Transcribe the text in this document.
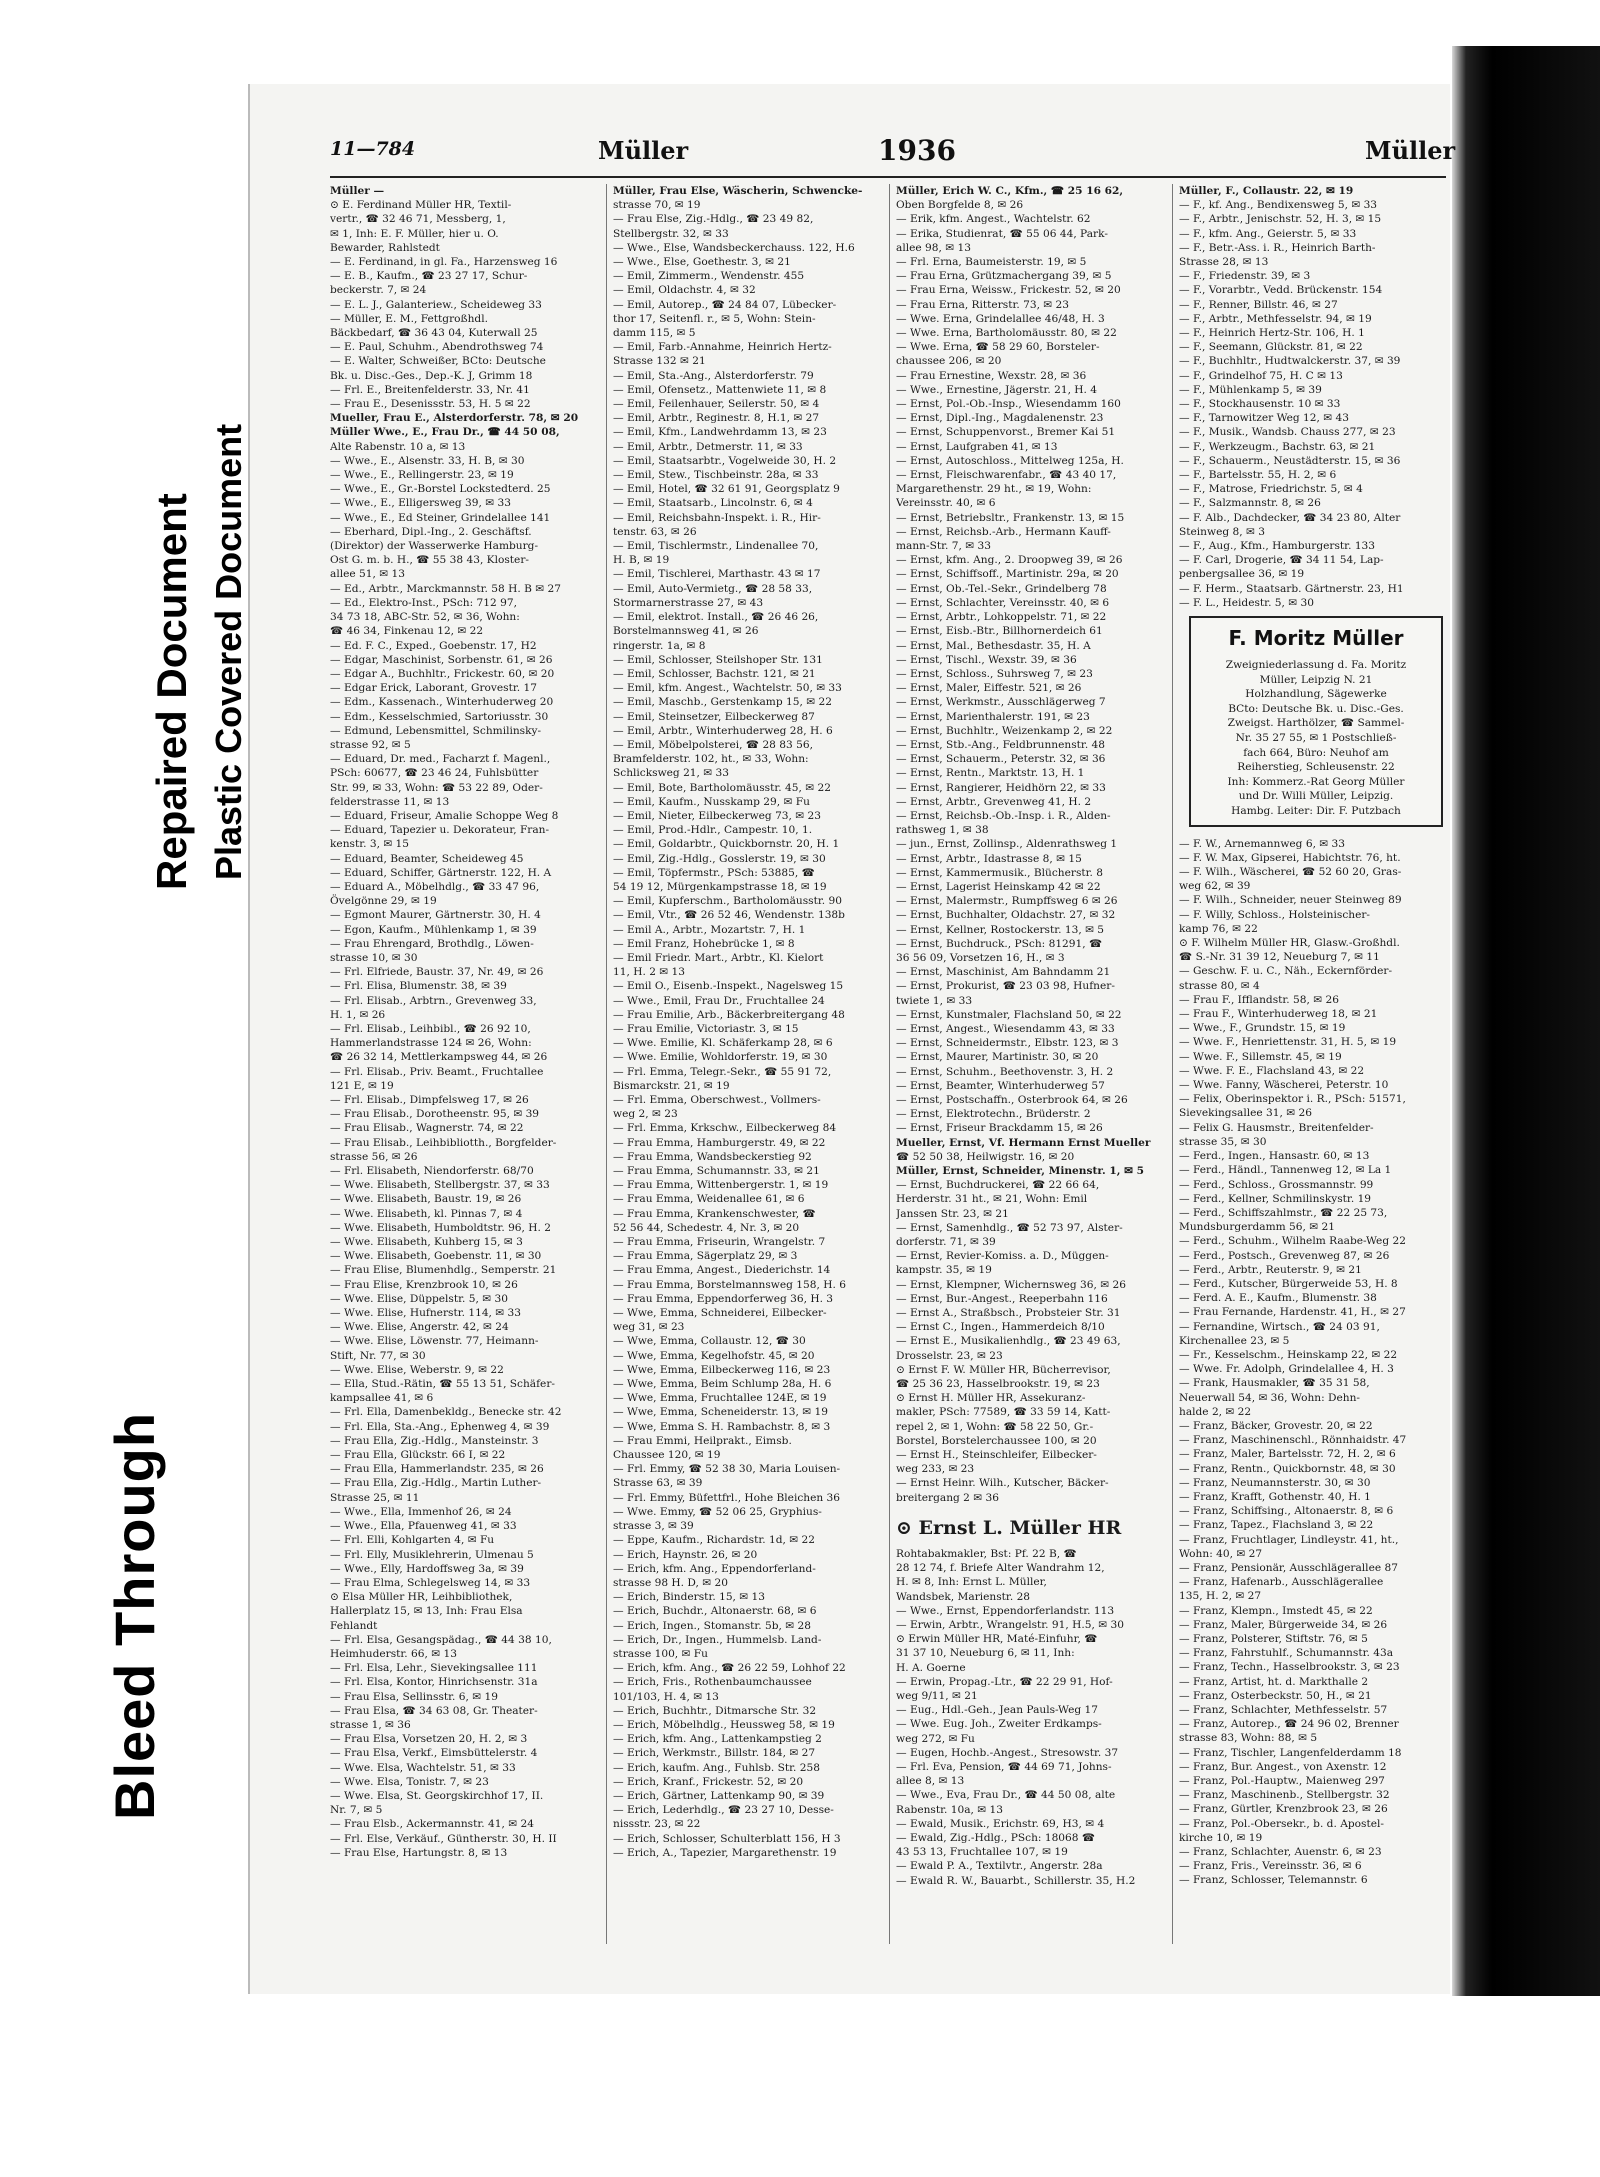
Bleed Through
Repaired Document Plastic Covered Document
11—784	Müller	1936	Müller
Müller —
⊙ E. Ferdinand Müller HR, Textil-
vertr., ☎ 32 46 71, Messberg, 1,
✉ 1, Inh: E. F. Müller, hier u. O.
Bewarder, Rahlstedt
— E. Ferdinand, in gl. Fa., Harzensweg 16
— E. B., Kaufm., ☎ 23 27 17, Schur-
beckerstr. 7, ✉ 24
— E. L. J., Galanteriew., Scheideweg 33
— Müller, E. M., Fettgroßhdl.
Bäckbedarf, ☎ 36 43 04, Kuterwall 25
— E. Paul, Schuhm., Abendrothsweg 74
— E. Walter, Schweißer, BCto: Deutsche
Bk. u. Disc.-Ges., Dep.-K. J, Grimm 18
— Frl. E., Breitenfelderstr. 33, Nr. 41
— Frau E., Desenissstr. 53, H. 5 ✉ 22
Mueller, Frau E., Alsterdorferstr. 78, ✉ 20
Müller Wwe., E., Frau Dr., ☎ 44 50 08,
Alte Rabenstr. 10 a, ✉ 13
— Wwe., E., Alsenstr. 33, H. B, ✉ 30
— Wwe., E., Rellingerstr. 23, ✉ 19
— Wwe., E., Gr.-Borstel Lockstedterd. 25
— Wwe., E., Elligersweg 39, ✉ 33
— Wwe., E., Ed Steiner, Grindelallee 141
— Eberhard, Dipl.-Ing., 2. Geschäftsf.
(Direktor) der Wasserwerke Hamburg-
Ost G. m. b. H., ☎ 55 38 43, Kloster-
allee 51, ✉ 13
— Ed., Arbtr., Marckmannstr. 58 H. B ✉ 27
— Ed., Elektro-Inst., PSch: 712 97,
34 73 18, ABC-Str. 52, ✉ 36, Wohn:
☎ 46 34, Finkenau 12, ✉ 22
— Ed. F. C., Exped., Goebenstr. 17, H2
— Edgar, Maschinist, Sorbenstr. 61, ✉ 26
— Edgar A., Buchhltr., Frickestr. 60, ✉ 20
— Edgar Erick, Laborant, Grovestr. 17
— Edm., Kassenach., Winterhuderweg 20
— Edm., Kesselschmied, Sartoriusstr. 30
— Edmund, Lebensmittel, Schmilinsky-
strasse 92, ✉ 5
— Eduard, Dr. med., Facharzt f. Magenl.,
PSch: 60677, ☎ 23 46 24, Fuhlsbütter
Str. 99, ✉ 33, Wohn: ☎ 53 22 89, Oder-
felderstrasse 11, ✉ 13
— Eduard, Friseur, Amalie Schoppe Weg 8
— Eduard, Tapezier u. Dekorateur, Fran-
kenstr. 3, ✉ 15
— Eduard, Beamter, Scheideweg 45
— Eduard, Schiffer, Gärtnerstr. 122, H. A
— Eduard A., Möbelhdlg., ☎ 33 47 96,
Övelgönne 29, ✉ 19
— Egmont Maurer, Gärtnerstr. 30, H. 4
— Egon, Kaufm., Mühlenkamp 1, ✉ 39
— Frau Ehrengard, Brothdlg., Löwen-
strasse 10, ✉ 30
— Frl. Elfriede, Baustr. 37, Nr. 49, ✉ 26
— Frl. Elisa, Blumenstr. 38, ✉ 39
— Frl. Elisab., Arbtrn., Grevenweg 33,
H. 1, ✉ 26
— Frl. Elisab., Leihbibl., ☎ 26 92 10,
Hammerlandstrasse 124 ✉ 26, Wohn:
☎ 26 32 14, Mettlerkampsweg 44, ✉ 26
— Frl. Elisab., Priv. Beamt., Fruchtallee
121 E, ✉ 19
— Frl. Elisab., Dimpfelsweg 17, ✉ 26
— Frau Elisab., Dorotheenstr. 95, ✉ 39
— Frau Elisab., Wagnerstr. 74, ✉ 22
— Frau Elisab., Leihbibliotth., Borgfelder-
strasse 56, ✉ 26
— Frl. Elisabeth, Niendorferstr. 68/70
— Wwe. Elisabeth, Stellbergstr. 37, ✉ 33
— Wwe. Elisabeth, Baustr. 19, ✉ 26
— Wwe. Elisabeth, kl. Pinnas 7, ✉ 4
— Wwe. Elisabeth, Humboldtstr. 96, H. 2
— Wwe. Elisabeth, Kuhberg 15, ✉ 3
— Wwe. Elisabeth, Goebenstr. 11, ✉ 30
— Frau Elise, Blumenhdlg., Semperstr. 21
— Frau Elise, Krenzbrook 10, ✉ 26
— Wwe. Elise, Düppelstr. 5, ✉ 30
— Wwe. Elise, Hufnerstr. 114, ✉ 33
— Wwe. Elise, Angerstr. 42, ✉ 24
— Wwe. Elise, Löwenstr. 77, Heimann-
Stift, Nr. 77, ✉ 30
— Wwe. Elise, Weberstr. 9, ✉ 22
— Ella, Stud.-Rätin, ☎ 55 13 51, Schäfer-
kampsallee 41, ✉ 6
— Frl. Ella, Damenbekldg., Benecke str. 42
— Frl. Ella, Sta.-Ang., Ephenweg 4, ✉ 39
— Frau Ella, Zig.-Hdlg., Mansteinstr. 3
— Frau Ella, Glückstr. 66 I, ✉ 22
— Frau Ella, Hammerlandstr. 235, ✉ 26
— Frau Ella, Zig.-Hdlg., Martin Luther-
Strasse 25, ✉ 11
— Wwe., Ella, Immenhof 26, ✉ 24
— Wwe., Ella, Pfauenweg 41, ✉ 33
— Frl. Elli, Kohlgarten 4, ✉ Fu
— Frl. Elly, Musiklehrerin, Ulmenau 5
— Wwe., Elly, Hardoffsweg 3a, ✉ 39
— Frau Elma, Schlegelsweg 14, ✉ 33
⊙ Elsa Müller HR, Leihbibliothek,
Hallerplatz 15, ✉ 13, Inh: Frau Elsa
Fehlandt
— Frl. Elsa, Gesangspädag., ☎ 44 38 10,
Heimhuderstr. 66, ✉ 13
— Frl. Elsa, Lehr., Sievekingsallee 111
— Frl. Elsa, Kontor, Hinrichsenstr. 31a
— Frau Elsa, Sellinsstr. 6, ✉ 19
— Frau Elsa, ☎ 34 63 08, Gr. Theater-
strasse 1, ✉ 36
— Frau Elsa, Vorsetzen 20, H. 2, ✉ 3
— Frau Elsa, Verkf., Eimsbüttelerstr. 4
— Wwe. Elsa, Wachtelstr. 51, ✉ 33
— Wwe. Elsa, Tonistr. 7, ✉ 23
— Wwe. Elsa, St. Georgskirchhof 17, II.
Nr. 7, ✉ 5
— Frau Elsb., Ackermannstr. 41, ✉ 24
— Frl. Else, Verkäuf., Güntherstr. 30, H. II
— Frau Else, Hartungstr. 8, ✉ 13
Müller, Frau Else, Wäscherin, Schwencke-
strasse 70, ✉ 19
— Frau Else, Zig.-Hdlg., ☎ 23 49 82,
Stellbergstr. 32, ✉ 33
— Wwe., Else, Wandsbeckerchauss. 122, H.6
— Wwe., Else, Goethestr. 3, ✉ 21
— Emil, Zimmerm., Wendenstr. 455
— Emil, Oldachstr. 4, ✉ 32
— Emil, Autorep., ☎ 24 84 07, Lübecker-
thor 17, Seitenfl. r., ✉ 5, Wohn: Stein-
damm 115, ✉ 5
— Emil, Farb.-Annahme, Heinrich Hertz-
Strasse 132 ✉ 21
— Emil, Sta.-Ang., Alsterdorferstr. 79
— Emil, Ofensetz., Mattenwiete 11, ✉ 8
— Emil, Feilenhauer, Seilerstr. 50, ✉ 4
— Emil, Arbtr., Reginestr. 8, H.1, ✉ 27
— Emil, Kfm., Landwehrdamm 13, ✉ 23
— Emil, Arbtr., Detmerstr. 11, ✉ 33
— Emil, Staatsarbtr., Vogelweide 30, H. 2
— Emil, Stew., Tischbeinstr. 28a, ✉ 33
— Emil, Hotel, ☎ 32 61 91, Georgsplatz 9
— Emil, Staatsarb., Lincolnstr. 6, ✉ 4
— Emil, Reichsbahn-Inspekt. i. R., Hir-
tenstr. 63, ✉ 26
— Emil, Tischlermstr., Lindenallee 70,
H. B, ✉ 19
— Emil, Tischlerei, Marthastr. 43 ✉ 17
— Emil, Auto-Vermietg., ☎ 28 58 33,
Stormarnerstrasse 27, ✉ 43
— Emil, elektrot. Install., ☎ 26 46 26,
Borstelmannsweg 41, ✉ 26
ringerstr. 1a, ✉ 8
— Emil, Schlosser, Steilshoper Str. 131
— Emil, Schlosser, Bachstr. 121, ✉ 21
— Emil, kfm. Angest., Wachtelstr. 50, ✉ 33
— Emil, Maschb., Gerstenkamp 15, ✉ 22
— Emil, Steinsetzer, Eilbeckerweg 87
— Emil, Arbtr., Winterhuderweg 28, H. 6
— Emil, Möbelpolsterei, ☎ 28 83 56,
Bramfelderstr. 102, ht., ✉ 33, Wohn:
Schlicksweg 21, ✉ 33
— Emil, Bote, Bartholomäusstr. 45, ✉ 22
— Emil, Kaufm., Nusskamp 29, ✉ Fu
— Emil, Nieter, Eilbeckerweg 73, ✉ 23
— Emil, Prod.-Hdlr., Campestr. 10, 1.
— Emil, Goldarbtr., Quickbornstr. 20, H. 1
— Emil, Zig.-Hdlg., Gosslerstr. 19, ✉ 30
— Emil, Töpfermstr., PSch: 53885, ☎
54 19 12, Mürgenkampstrasse 18, ✉ 19
— Emil, Kupferschm., Bartholomäusstr. 90
— Emil, Vtr., ☎ 26 52 46, Wendenstr. 138b
— Emil A., Arbtr., Mozartstr. 7, H. 1
— Emil Franz, Hohebrücke 1, ✉ 8
— Emil Friedr. Mart., Arbtr., Kl. Kielort
11, H. 2 ✉ 13
— Emil O., Eisenb.-Inspekt., Nagelsweg 15
— Wwe., Emil, Frau Dr., Fruchtallee 24
— Frau Emilie, Arb., Bäckerbreitergang 48
— Frau Emilie, Victoriastr. 3, ✉ 15
— Wwe. Emilie, Kl. Schäferkamp 28, ✉ 6
— Wwe. Emilie, Wohldorferstr. 19, ✉ 30
— Frl. Emma, Telegr.-Sekr., ☎ 55 91 72,
Bismarckstr. 21, ✉ 19
— Frl. Emma, Oberschwest., Vollmers-
weg 2, ✉ 23
— Frl. Emma, Krkschw., Eilbeckerweg 84
— Frau Emma, Hamburgerstr. 49, ✉ 22
— Frau Emma, Wandsbeckerstieg 92
— Frau Emma, Schumannstr. 33, ✉ 21
— Frau Emma, Wittenbergerstr. 1, ✉ 19
— Frau Emma, Weidenallee 61, ✉ 6
— Frau Emma, Krankenschwester, ☎
52 56 44, Schedestr. 4, Nr. 3, ✉ 20
— Frau Emma, Friseurin, Wrangelstr. 7
— Frau Emma, Sägerplatz 29, ✉ 3
— Frau Emma, Angest., Diederichstr. 14
— Frau Emma, Borstelmannsweg 158, H. 6
— Frau Emma, Eppendorferweg 36, H. 3
— Wwe, Emma, Schneiderei, Eilbecker-
weg 31, ✉ 23
— Wwe, Emma, Collaustr. 12, ☎ 30
— Wwe, Emma, Kegelhofstr. 45, ✉ 20
— Wwe, Emma, Eilbeckerweg 116, ✉ 23
— Wwe, Emma, Beim Schlump 28a, H. 6
— Wwe, Emma, Fruchtallee 124E, ✉ 19
— Wwe, Emma, Scheneiderstr. 13, ✉ 19
— Wwe, Emma S. H. Rambachstr. 8, ✉ 3
— Frau Emmi, Heilprakt., Eimsb.
Chaussee 120, ✉ 19
— Frl. Emmy, ☎ 52 38 30, Maria Louisen-
Strasse 63, ✉ 39
— Frl. Emmy, Büfettfrl., Hohe Bleichen 36
— Wwe. Emmy, ☎ 52 06 25, Gryphius-
strasse 3, ✉ 39
— Eppe, Kaufm., Richardstr. 1d, ✉ 22
— Erich, Haynstr. 26, ✉ 20
— Erich, kfm. Ang., Eppendorferland-
strasse 98 H. D, ✉ 20
— Erich, Binderstr. 15, ✉ 13
— Erich, Buchdr., Altonaerstr. 68, ✉ 6
— Erich, Ingen., Stomanstr. 5b, ✉ 28
— Erich, Dr., Ingen., Hummelsb. Land-
strasse 100, ✉ Fu
— Erich, kfm. Ang., ☎ 26 22 59, Lohhof 22
— Erich, Fris., Rothenbaumchaussee
101/103, H. 4, ✉ 13
— Erich, Buchhtr., Ditmarsche Str. 32
— Erich, Möbelhdlg., Heussweg 58, ✉ 19
— Erich, kfm. Ang., Lattenkampstieg 2
— Erich, Werkmstr., Billstr. 184, ✉ 27
— Erich, kaufm. Ang., Fuhlsb. Str. 258
— Erich, Kranf., Frickestr. 52, ✉ 20
— Erich, Gärtner, Lattenkamp 90, ✉ 39
— Erich, Lederhdlg., ☎ 23 27 10, Desse-
nissstr. 23, ✉ 22
— Erich, Schlosser, Schulterblatt 156, H 3
— Erich, A., Tapezier, Margarethenstr. 19
Müller, Erich W. C., Kfm., ☎ 25 16 62,
Oben Borgfelde 8, ✉ 26
— Erik, kfm. Angest., Wachtelstr. 62
— Erika, Studienrat, ☎ 55 06 44, Park-
allee 98, ✉ 13
— Frl. Erna, Baumeisterstr. 19, ✉ 5
— Frau Erna, Grützmachergang 39, ✉ 5
— Frau Erna, Weissw., Frickestr. 52, ✉ 20
— Frau Erna, Ritterstr. 73, ✉ 23
— Wwe. Erna, Grindelallee 46/48, H. 3
— Wwe. Erna, Bartholomäusstr. 80, ✉ 22
— Wwe. Erna, ☎ 58 29 60, Borsteler-
chaussee 206, ✉ 20
— Frau Ernestine, Wexstr. 28, ✉ 36
— Wwe., Ernestine, Jägerstr. 21, H. 4
— Ernst, Pol.-Ob.-Insp., Wiesendamm 160
— Ernst, Dipl.-Ing., Magdalenenstr. 23
— Ernst, Schuppenvorst., Bremer Kai 51
— Ernst, Laufgraben 41, ✉ 13
— Ernst, Autoschloss., Mittelweg 125a, H.
— Ernst, Fleischwarenfabr., ☎ 43 40 17,
Margarethenstr. 29 ht., ✉ 19, Wohn:
Vereinsstr. 40, ✉ 6
— Ernst, Betriebsltr., Frankenstr. 13, ✉ 15
— Ernst, Reichsb.-Arb., Hermann Kauff-
mann-Str. 7, ✉ 33
— Ernst, kfm. Ang., 2. Droopweg 39, ✉ 26
— Ernst, Schiffsoff., Martinistr. 29a, ✉ 20
— Ernst, Ob.-Tel.-Sekr., Grindelberg 78
— Ernst, Schlachter, Vereinsstr. 40, ✉ 6
— Ernst, Arbtr., Lohkoppelstr. 71, ✉ 22
— Ernst, Eisb.-Btr., Billhornerdeich 61
— Ernst, Mal., Bethesdastr. 35, H. A
— Ernst, Tischl., Wexstr. 39, ✉ 36
— Ernst, Schloss., Suhrsweg 7, ✉ 23
— Ernst, Maler, Eiffestr. 521, ✉ 26
— Ernst, Werkmstr., Ausschlägerweg 7
— Ernst, Marienthalerstr. 191, ✉ 23
— Ernst, Buchhltr., Weizenkamp 2, ✉ 22
— Ernst, Stb.-Ang., Feldbrunnenstr. 48
— Ernst, Schauerm., Peterstr. 32, ✉ 36
— Ernst, Rentn., Marktstr. 13, H. 1
— Ernst, Rangierer, Heidhörn 22, ✉ 33
— Ernst, Arbtr., Grevenweg 41, H. 2
— Ernst, Reichsb.-Ob.-Insp. i. R., Alden-
rathsweg 1, ✉ 38
— jun., Ernst, Zollinsp., Aldenrathsweg 1
— Ernst, Arbtr., Idastrasse 8, ✉ 15
— Ernst, Kammermusik., Blücherstr. 8
— Ernst, Lagerist Heinskamp 42 ✉ 22
— Ernst, Malermstr., Rumpffsweg 6 ✉ 26
— Ernst, Buchhalter, Oldachstr. 27, ✉ 32
— Ernst, Kellner, Rostockerstr. 13, ✉ 5
— Ernst, Buchdruck., PSch: 81291, ☎
36 56 09, Vorsetzen 16, H., ✉ 3
— Ernst, Maschinist, Am Bahndamm 21
— Ernst, Prokurist, ☎ 23 03 98, Hufner-
twiete 1, ✉ 33
— Ernst, Kunstmaler, Flachsland 50, ✉ 22
— Ernst, Angest., Wiesendamm 43, ✉ 33
— Ernst, Schneidermstr., Elbstr. 123, ✉ 3
— Ernst, Maurer, Martinistr. 30, ✉ 20
— Ernst, Schuhm., Beethovenstr. 3, H. 2
— Ernst, Beamter, Winterhuderweg 57
— Ernst, Postschaffn., Osterbrook 64, ✉ 26
— Ernst, Elektrotechn., Brüderstr. 2
— Ernst, Friseur Brackdamm 15, ✉ 26
Mueller, Ernst, Vf. Hermann Ernst Mueller
☎ 52 50 38, Heilwigstr. 16, ✉ 20
Müller, Ernst, Schneider, Minenstr. 1, ✉ 5
— Ernst, Buchdruckerei, ☎ 22 66 64,
Herderstr. 31 ht., ✉ 21, Wohn: Emil
Janssen Str. 23, ✉ 21
— Ernst, Samenhdlg., ☎ 52 73 97, Alster-
dorferstr. 71, ✉ 39
— Ernst, Revier-Komiss. a. D., Müggen-
kampstr. 35, ✉ 19
— Ernst, Klempner, Wichernsweg 36, ✉ 26
— Ernst, Bur.-Angest., Reeperbahn 116
— Ernst A., Straßbsch., Probsteier Str. 31
— Ernst C., Ingen., Hammerdeich 8/10
— Ernst E., Musikalienhdlg., ☎ 23 49 63,
Drosselstr. 23, ✉ 23
⊙ Ernst F. W. Müller HR, Bücherrevisor,
☎ 25 36 23, Hasselbrookstr. 19, ✉ 23
⊙ Ernst H. Müller HR, Assekuranz-
makler, PSch: 77589, ☎ 33 59 14, Katt-
repel 2, ✉ 1, Wohn: ☎ 58 22 50, Gr.-
Borstel, Borstelerchaussee 100, ✉ 20
— Ernst H., Steinschleifer, Eilbecker-
weg 233, ✉ 23
— Ernst Heinr. Wilh., Kutscher, Bäcker-
breitergang 2 ✉ 36
⊙ Ernst L. Müller HR
Rohtabakmakler, Bst: Pf. 22 B, ☎
28 12 74, f. Briefe Alter Wandrahm 12,
H. ✉ 8, Inh: Ernst L. Müller,
Wandsbek, Marienstr. 28
— Wwe., Ernst, Eppendorferlandstr. 113
— Erwin, Arbtr., Wrangelstr. 91, H.5, ✉ 30
⊙ Erwin Müller HR, Maté-Einfuhr, ☎
31 37 10, Neueburg 6, ✉ 11, Inh:
H. A. Goerne
— Erwin, Propag.-Ltr., ☎ 22 29 91, Hof-
weg 9/11, ✉ 21
— Eug., Hdl.-Geh., Jean Pauls-Weg 17
— Wwe. Eug. Joh., Zweiter Erdkamps-
weg 272, ✉ Fu
— Eugen, Hochb.-Angest., Stresowstr. 37
— Frl. Eva, Pension, ☎ 44 69 71, Johns-
allee 8, ✉ 13
— Wwe., Eva, Frau Dr., ☎ 44 50 08, alte
Rabenstr. 10a, ✉ 13
— Ewald, Musik., Erichstr. 69, H3, ✉ 4
— Ewald, Zig.-Hdlg., PSch: 18068 ☎
43 53 13, Fruchtallee 107, ✉ 19
— Ewald P. A., Textilvtr., Angerstr. 28a
— Ewald R. W., Bauarbt., Schillerstr. 35, H.2
Müller, F., Collaustr. 22, ✉ 19
— F., kf. Ang., Bendixensweg 5, ✉ 33
— F., Arbtr., Jenischstr. 52, H. 3, ✉ 15
— F., kfm. Ang., Geierstr. 5, ✉ 33
— F., Betr.-Ass. i. R., Heinrich Barth-
Strasse 28, ✉ 13
— F., Friedenstr. 39, ✉ 3
— F., Vorarbtr., Vedd. Brückenstr. 154
— F., Renner, Billstr. 46, ✉ 27
— F., Arbtr., Methfesselstr. 94, ✉ 19
— F., Heinrich Hertz-Str. 106, H. 1
— F., Seemann, Glückstr. 81, ✉ 22
— F., Buchhltr., Hudtwalckerstr. 37, ✉ 39
— F., Grindelhof 75, H. C ✉ 13
— F., Mühlenkamp 5, ✉ 39
— F., Stockhausenstr. 10 ✉ 33
— F., Tarnowitzer Weg 12, ✉ 43
— F., Musik., Wandsb. Chauss 277, ✉ 23
— F., Werkzeugm., Bachstr. 63, ✉ 21
— F., Schauerm., Neustädterstr. 15, ✉ 36
— F., Bartelsstr. 55, H. 2, ✉ 6
— F., Matrose, Friedrichstr. 5, ✉ 4
— F., Salzmannstr. 8, ✉ 26
— F. Alb., Dachdecker, ☎ 34 23 80, Alter
Steinweg 8, ✉ 3
— F., Aug., Kfm., Hamburgerstr. 133
— F. Carl, Drogerie, ☎ 34 11 54, Lap-
penbergsallee 36, ✉ 19
— F. Herm., Staatsarb. Gärtnerstr. 23, H1
— F. L., Heidestr. 5, ✉ 30
F. Moritz Müller
Zweigniederlassung d. Fa. Moritz
Müller, Leipzig N. 21
Holzhandlung, Sägewerke
BCto: Deutsche Bk. u. Disc.-Ges.
Zweigst. Harthölzer, ☎ Sammel-
Nr. 35 27 55, ✉ 1 Postschließ-
fach 664, Büro: Neuhof am
Reiherstieg, Schleusenstr. 22
Inh: Kommerz.-Rat Georg Müller
und Dr. Willi Müller, Leipzig.
Hambg. Leiter: Dir. F. Putzbach
— F. W., Arnemannweg 6, ✉ 33
— F. W. Max, Gipserei, Habichtstr. 76, ht.
— F. Wilh., Wäscherei, ☎ 52 60 20, Gras-
weg 62, ✉ 39
— F. Wilh., Schneider, neuer Steinweg 89
— F. Willy, Schloss., Holsteinischer-
kamp 76, ✉ 22
⊙ F. Wilhelm Müller HR, Glasw.-Großhdl.
☎ S.-Nr. 31 39 12, Neueburg 7, ✉ 11
— Geschw. F. u. C., Näh., Eckernförder-
strasse 80, ✉ 4
— Frau F., Ifflandstr. 58, ✉ 26
— Frau F., Winterhuderweg 18, ✉ 21
— Wwe., F., Grundstr. 15, ✉ 19
— Wwe. F., Henriettenstr. 31, H. 5, ✉ 19
— Wwe. F., Sillemstr. 45, ✉ 19
— Wwe. F. E., Flachsland 43, ✉ 22
— Wwe. Fanny, Wäscherei, Peterstr. 10
— Felix, Oberinspektor i. R., PSch: 51571,
Sievekingsallee 31, ✉ 26
— Felix G. Hausmstr., Breitenfelder-
strasse 35, ✉ 30
— Ferd., Ingen., Hansastr. 60, ✉ 13
— Ferd., Händl., Tannenweg 12, ✉ La 1
— Ferd., Schloss., Grossmannstr. 99
— Ferd., Kellner, Schmilinskystr. 19
— Ferd., Schiffszahlmstr., ☎ 22 25 73,
Mundsburgerdamm 56, ✉ 21
— Ferd., Schuhm., Wilhelm Raabe-Weg 22
— Ferd., Postsch., Grevenweg 87, ✉ 26
— Ferd., Arbtr., Reuterstr. 9, ✉ 21
— Ferd., Kutscher, Bürgerweide 53, H. 8
— Ferd. A. E., Kaufm., Blumenstr. 38
— Frau Fernande, Hardenstr. 41, H., ✉ 27
— Fernandine, Wirtsch., ☎ 24 03 91,
Kirchenallee 23, ✉ 5
— Fr., Kesselschm., Heinskamp 22, ✉ 22
— Wwe. Fr. Adolph, Grindelallee 4, H. 3
— Frank, Hausmakler, ☎ 35 31 58,
Neuerwall 54, ✉ 36, Wohn: Dehn-
halde 2, ✉ 22
— Franz, Bäcker, Grovestr. 20, ✉ 22
— Franz, Maschinenschl., Rönnhaidstr. 47
— Franz, Maler, Bartelsstr. 72, H. 2, ✉ 6
— Franz, Rentn., Quickbornstr. 48, ✉ 30
— Franz, Neumannsterstr. 30, ✉ 30
— Franz, Krafft, Gothenstr. 40, H. 1
— Franz, Schiffsing., Altonaerstr. 8, ✉ 6
— Franz, Tapez., Flachsland 3, ✉ 22
— Franz, Fruchtlager, Lindleystr. 41, ht.,
Wohn: 40, ✉ 27
— Franz, Pensionär, Ausschlägerallee 87
— Franz, Hafenarb., Ausschlägerallee
135, H. 2, ✉ 27
— Franz, Klempn., Imstedt 45, ✉ 22
— Franz, Maler, Bürgerweide 34, ✉ 26
— Franz, Polsterer, Stiftstr. 76, ✉ 5
— Franz, Fahrstuhlf., Schumannstr. 43a
— Franz, Techn., Hasselbrookstr. 3, ✉ 23
— Franz, Artist, ht. d. Markthalle 2
— Franz, Osterbeckstr. 50, H., ✉ 21
— Franz, Schlachter, Methfesselstr. 57
— Franz, Autorep., ☎ 24 96 02, Brenner
strasse 83, Wohn: 88, ✉ 5
— Franz, Tischler, Langenfelderdamm 18
— Franz, Bur. Angest., von Axenstr. 12
— Franz, Pol.-Hauptw., Maienweg 297
— Franz, Maschinenb., Stellbergstr. 32
— Franz, Gürtler, Krenzbrook 23, ✉ 26
— Franz, Pol.-Obersekr., b. d. Apostel-
kirche 10, ✉ 19
— Franz, Schlachter, Auenstr. 6, ✉ 23
— Franz, Fris., Vereinsstr. 36, ✉ 6
— Franz, Schlosser, Telemannstr. 6
